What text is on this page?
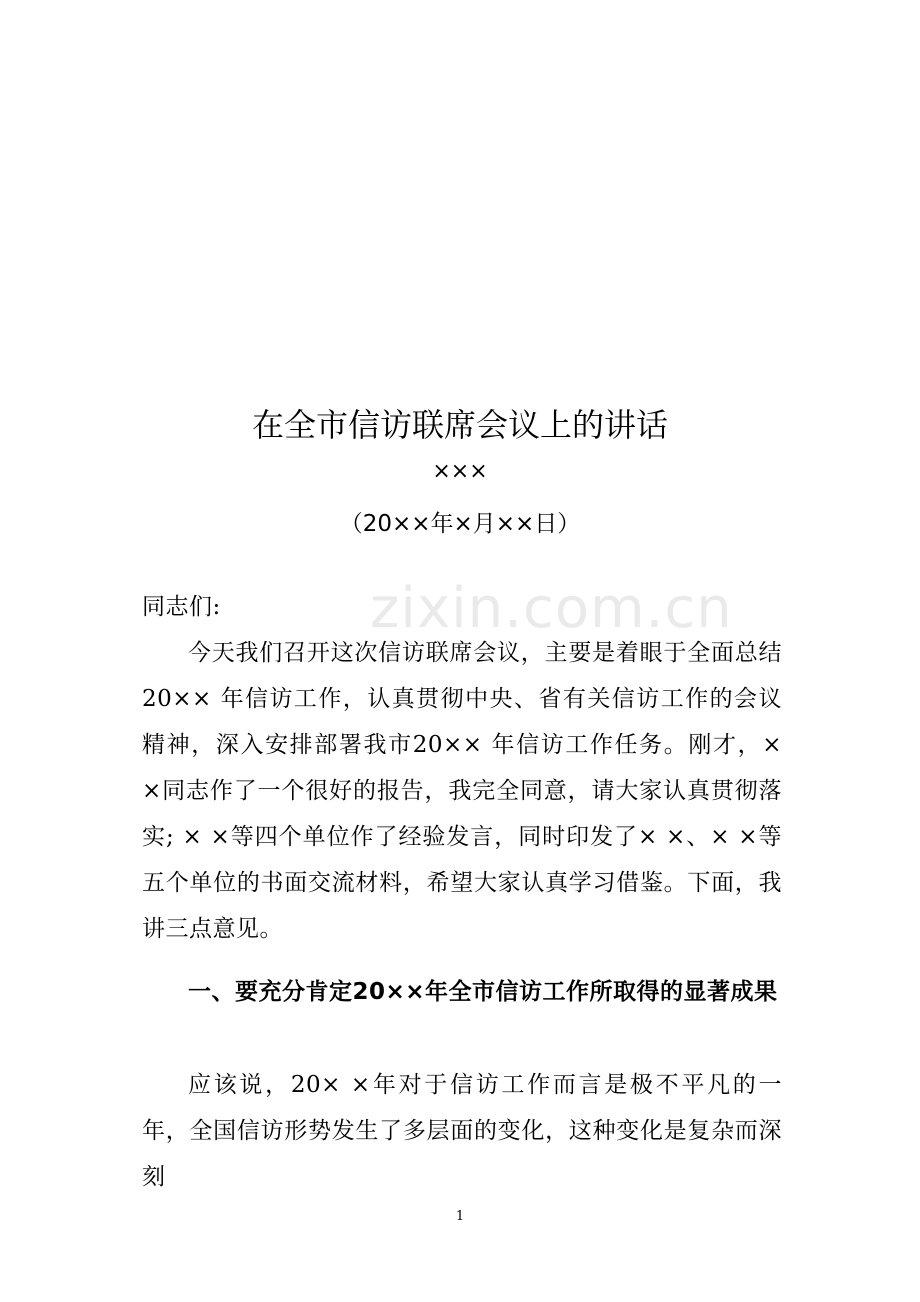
zixin.com.cn
在全市信访联席会议上的讲话
×××
（20××年×月××日）
同志们:
今天我们召开这次信访联席会议，主要是着眼于全面总结20×× 年信访工作，认真贯彻中央、省有关信访工作的会议精神，深入安排部署我市20×× 年信访工作任务。刚才，× ×同志作了一个很好的报告，我完全同意，请大家认真贯彻落实; × ×等四个单位作了经验发言，同时印发了× ×、× ×等五个单位的书面交流材料，希望大家认真学习借鉴。下面，我讲三点意见。
一、要充分肯定20××年全市信访工作所取得的显著成果
应该说，20× ×年对于信访工作而言是极不平凡的一年，全国信访形势发生了多层面的变化，这种变化是复杂而深刻
1
